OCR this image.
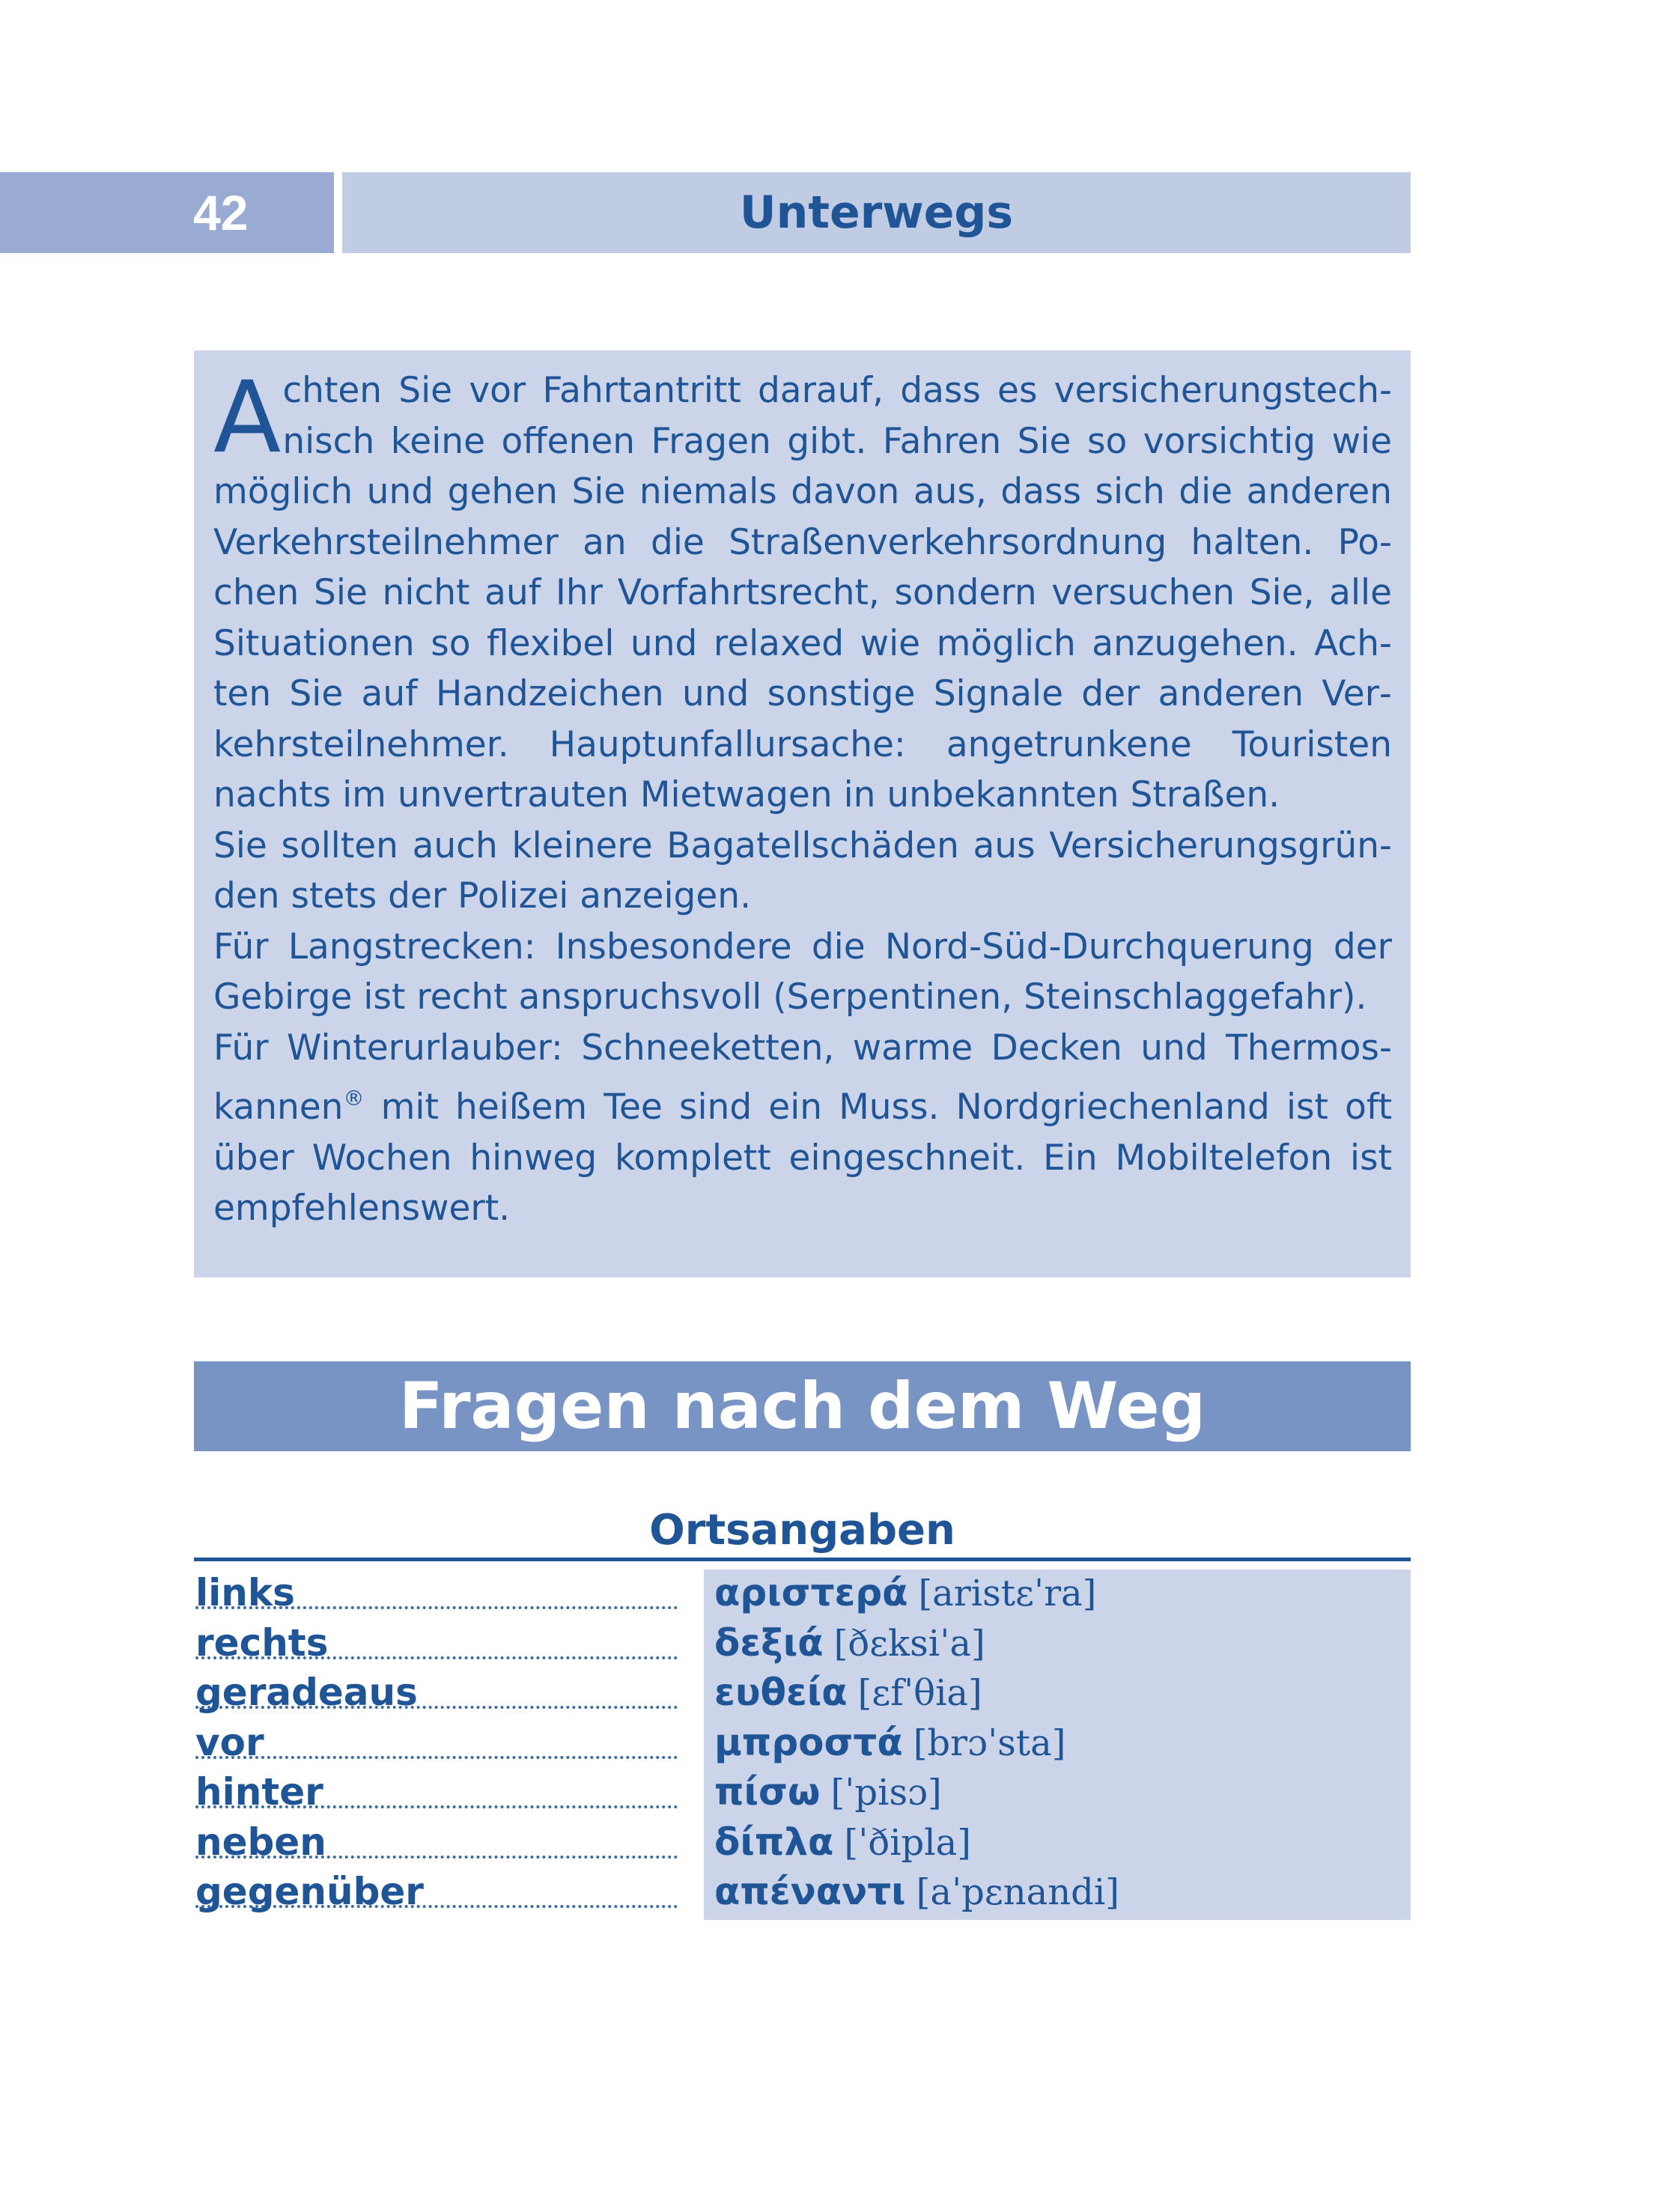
42	Unterwegs

Achten Sie vor Fahrtantritt darauf, dass es versicherungstechnisch keine offenen Fragen gibt. Fahren Sie so vorsichtig wie möglich und gehen Sie niemals davon aus, dass sich die anderen Verkehrsteilnehmer an die Straßenverkehrsordnung halten. Pochen Sie nicht auf Ihr Vorfahrtsrecht, sondern versuchen Sie, alle Situationen so flexibel und relaxed wie möglich anzugehen. Achten Sie auf Handzeichen und sonstige Signale der anderen Verkehrsteilnehmer. Hauptunfallursache: angetrunkene Touristen nachts im unvertrauten Mietwagen in unbekannten Straßen.

Sie sollten auch kleinere Bagatellschäden aus Versicherungsgründen stets der Polizei anzeigen.

Für Langstrecken: Insbesondere die Nord-Süd-Durchquerung der Gebirge ist recht anspruchsvoll (Serpentinen, Steinschlaggefahr).

Für Winterurlauber: Schneeketten, warme Decken und Thermoskannen® mit heißem Tee sind ein Muss. Nordgriechenland ist oft über Wochen hinweg komplett eingeschneit. Ein Mobiltelefon ist empfehlenswert.

Fragen nach dem Weg
Ortsangaben
links	αριστερά [aristɛˈra]
rechts	δεξιά [ðɛksiˈa]
geradeaus	ευθεία [ɛfˈθia]
vor	μπροστά [brɔˈsta]
hinter	πίσω [ˈpisɔ]
neben	δίπλα [ˈðipla]
gegenüber	απέναντι [aˈpɛnandi]
